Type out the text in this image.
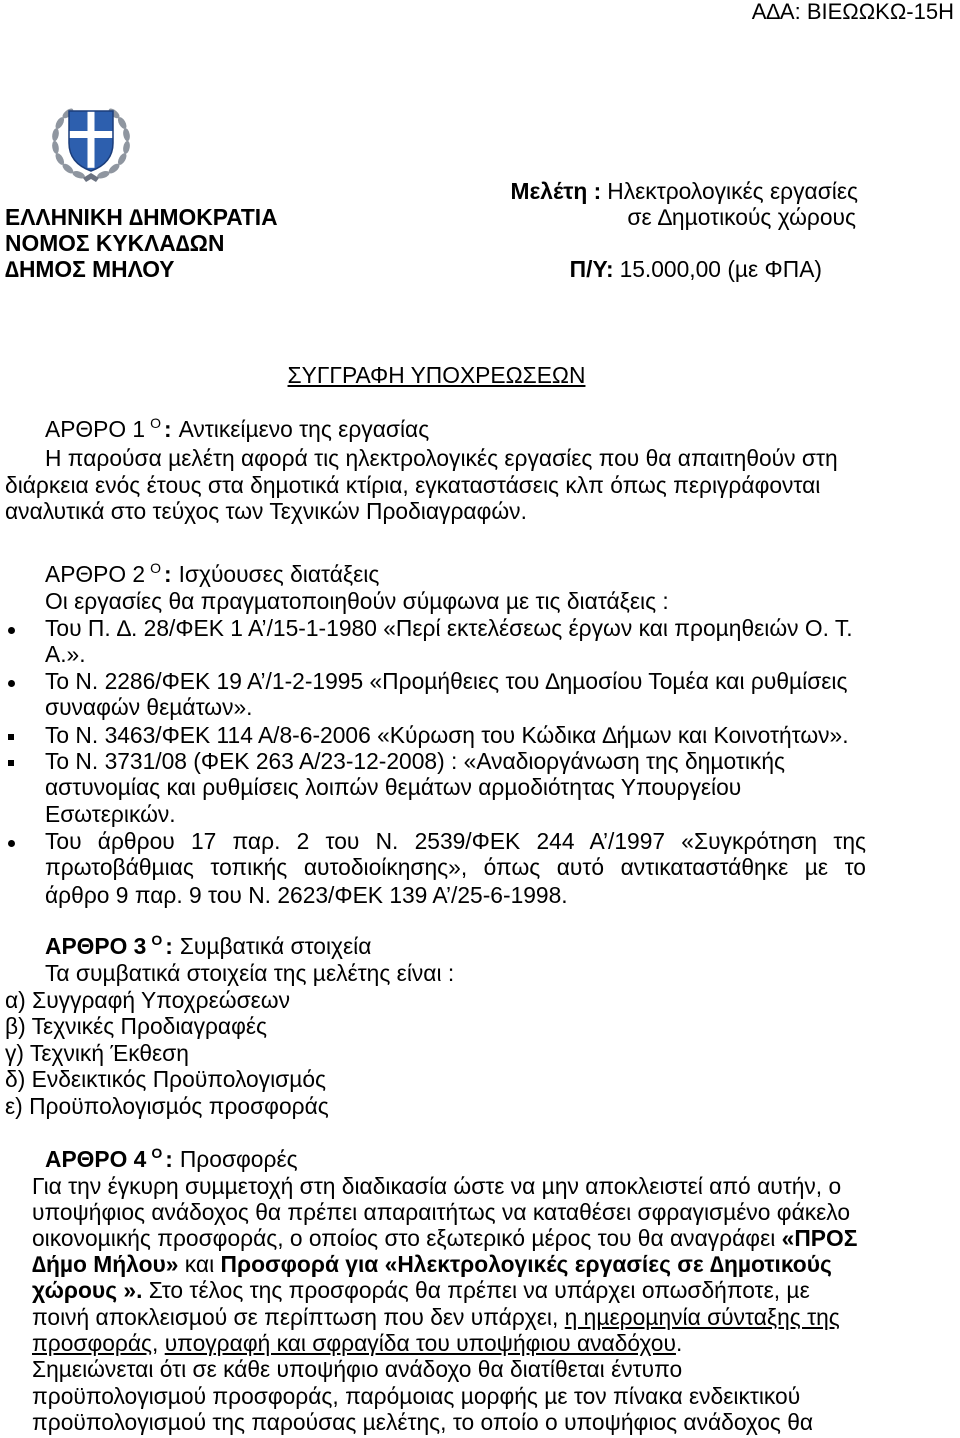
Α∆Α: ΒΙΕΩΩΚΩ-15Η
ΕΛΛΗΝΙΚΗ ∆ΗΜΟΚΡΑΤΙΑ
ΝΟΜΟΣ ΚΥΚΛΑ∆ΩΝ
∆ΗΜΟΣ ΜΗΛΟΥ
Μελέτη : Ηλεκτρολογικές εργασίες
σε ∆ηµοτικούς χώρους
Π/Υ: 15.000,00 (µε ΦΠΑ)
ΣΥΓΓΡΑΦΗ ΥΠΟΧΡΕΩΣΕΩΝ
ΑΡΘΡΟ 1 $^O$ : Αντικείµενο της εργασίας
Η παρούσα µελέτη αφορά τις ηλεκτρολογικές εργασίες που θα απαιτηθούν στη
διάρκεια ενός έτους στα δηµοτικά κτίρια, εγκαταστάσεις κλπ όπως περιγράφονται
αναλυτικά στο τεύχος των Τεχνικών Προδιαγραφών.
ΑΡΘΡΟ 2 $^O$ : Ισχύουσες διατάξεις
Οι εργασίες θα πραγµατοποιηθούν σύµφωνα µε τις διατάξεις :
Του Π. ∆. 28/ΦΕΚ 1 Α’/15-1-1980 «Περί εκτελέσεως έργων και προµηθειών Ο. Τ.
Α.».
Το Ν. 2286/ΦΕΚ 19 Α’/1-2-1995 «Προµήθειες του ∆ηµοσίου Τοµέα και ρυθµίσεις
συναφών θεµάτων».
Το Ν. 3463/ΦΕΚ 114 Α/8-6-2006 «Κύρωση του Κώδικα ∆ήµων και Κοινοτήτων».
Το Ν. 3731/08 (ΦΕΚ 263 Α/23-12-2008) : «Αναδιοργάνωση της δηµοτικής
αστυνοµίας και ρυθµίσεις λοιπών θεµάτων αρµοδιότητας Υπουργείου
Εσωτερικών.
Του άρθρου 17 παρ. 2 του Ν. 2539/ΦΕΚ 244 Α’/1997 «Συγκρότηση της
πρωτοβάθµιας τοπικής αυτοδιοίκησης», όπως αυτό αντικαταστάθηκε µε το
άρθρο 9 παρ. 9 του Ν. 2623/ΦΕΚ 139 Α’/25-6-1998.
ΑΡΘΡΟ 3 $^O$ : Συµβατικά στοιχεία
Τα συµβατικά στοιχεία της µελέτης είναι :
α) Συγγραφή Υποχρεώσεων
β) Τεχνικές Προδιαγραφές
γ) Τεχνική Έκθεση
δ) Ενδεικτικός Προϋπολογισµός
ε) Προϋπολογισµός προσφοράς
ΑΡΘΡΟ 4 $^O$ : Προσφορές
Για την έγκυρη συµµετοχή στη διαδικασία ώστε να µην αποκλειστεί από αυτήν, ο
υποψήφιος ανάδοχος θα πρέπει απαραιτήτως να καταθέσει σφραγισµένο φάκελο
οικονοµικής προσφοράς, ο οποίος στο εξωτερικό µέρος του θα αναγράφει «ΠΡΟΣ
∆ήµο Μήλου» και Προσφορά για «Ηλεκτρολογικές εργασίες σε ∆ηµοτικούς
χώρους ». Στο τέλος της προσφοράς θα πρέπει να υπάρχει οπωσδήποτε, µε
ποινή αποκλεισµού σε περίπτωση που δεν υπάρχει, η ηµεροµηνία σύνταξης της
προσφοράς, υπογραφή και σφραγίδα του υποψήφιου αναδόχου.
Σηµειώνεται ότι σε κάθε υποψήφιο ανάδοχο θα διατίθεται έντυπο
προϋπολογισµού προσφοράς, παρόµοιας µορφής µε τον πίνακα ενδεικτικού
προϋπολογισµού της παρούσας µελέτης, το οποίο ο υποψήφιος ανάδοχος θα
